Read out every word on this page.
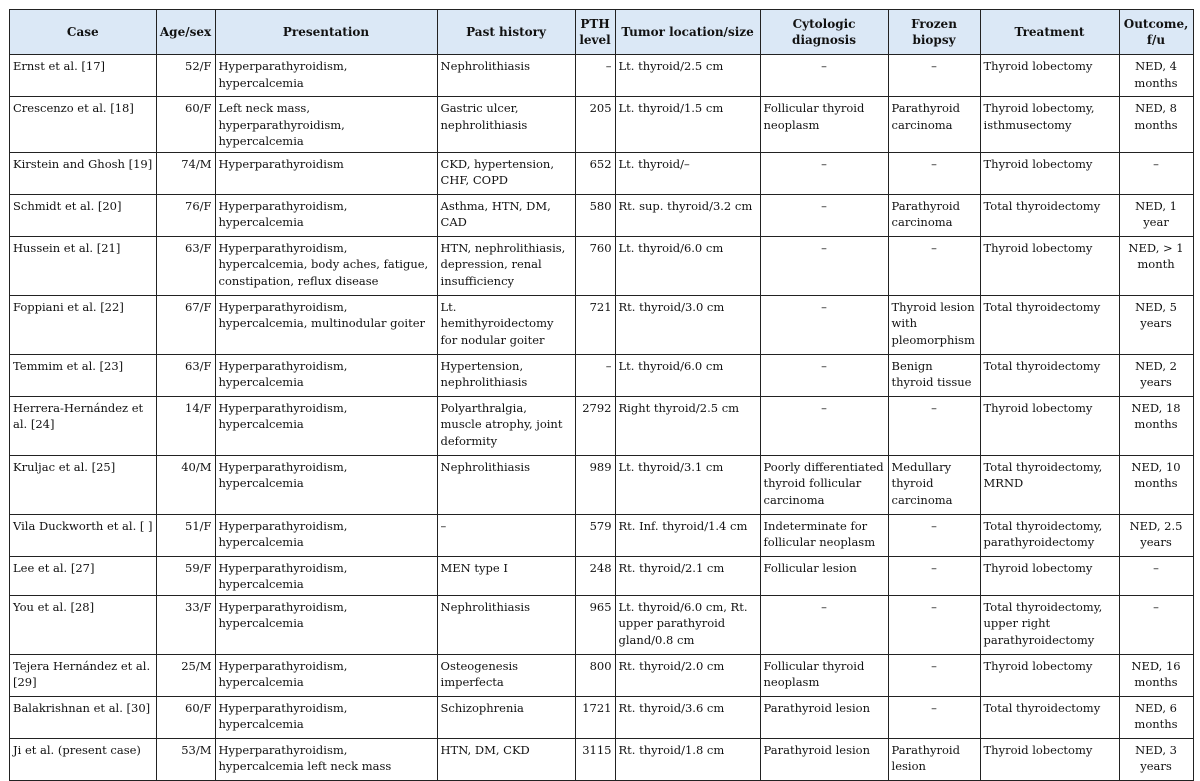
Case	Age/sex	Presentation	Past history	PTH level	Tumor location/size	Cytologic diagnosis	Frozen biopsy	Treatment	Outcome, f/u
Ernst et al. [17]	52/F	Hyperparathyroidism, hypercalcemia	Nephrolithiasis	–	Lt. thyroid/2.5 cm	–	–	Thyroid lobectomy	NED, 4 months
Crescenzo et al. [18]	60/F	Left neck mass, hyperparathyroidism, hypercalcemia	Gastric ulcer, nephrolithiasis	205	Lt. thyroid/1.5 cm	Follicular thyroid neoplasm	Parathyroid carcinoma	Thyroid lobectomy, isthmusectomy	NED, 8 months
Kirstein and Ghosh [19]	74/M	Hyperparathyroidism	CKD, hypertension, CHF, COPD	652	Lt. thyroid/–	–	–	Thyroid lobectomy	–
Schmidt et al. [20]	76/F	Hyperparathyroidism, hypercalcemia	Asthma, HTN, DM, CAD	580	Rt. sup. thyroid/3.2 cm	–	Parathyroid carcinoma	Total thyroidectomy	NED, 1 year
Hussein et al. [21]	63/F	Hyperparathyroidism, hypercalcemia, body aches, fatigue, constipation, reflux disease	HTN, nephrolithiasis, depression, renal insufficiency	760	Lt. thyroid/6.0 cm	–	–	Thyroid lobectomy	NED, > 1 month
Foppiani et al. [22]	67/F	Hyperparathyroidism, hypercalcemia, multinodular goiter	Lt. hemithyroidectomy for nodular goiter	721	Rt. thyroid/3.0 cm	–	Thyroid lesion with pleomorphism	Total thyroidectomy	NED, 5 years
Temmim et al. [23]	63/F	Hyperparathyroidism, hypercalcemia	Hypertension, nephrolithiasis	–	Lt. thyroid/6.0 cm	–	Benign thyroid tissue	Total thyroidectomy	NED, 2 years
Herrera-Hernández et al. [24]	14/F	Hyperparathyroidism, hypercalcemia	Polyarthralgia, muscle atrophy, joint deformity	2792	Right thyroid/2.5 cm	–	–	Thyroid lobectomy	NED, 18 months
Kruljac et al. [25]	40/M	Hyperparathyroidism, hypercalcemia	Nephrolithiasis	989	Lt. thyroid/3.1 cm	Poorly differentiated thyroid follicular carcinoma	Medullary thyroid carcinoma	Total thyroidectomy, MRND	NED, 10 months
Vila Duckworth et al. [ ]	51/F	Hyperparathyroidism, hypercalcemia	–	579	Rt. Inf. thyroid/1.4 cm	Indeterminate for follicular neoplasm	–	Total thyroidectomy, parathyroidectomy	NED, 2.5 years
Lee et al. [27]	59/F	Hyperparathyroidism, hypercalcemia	MEN type I	248	Rt. thyroid/2.1 cm	Follicular lesion	–	Thyroid lobectomy	–
You et al. [28]	33/F	Hyperparathyroidism, hypercalcemia	Nephrolithiasis	965	Lt. thyroid/6.0 cm, Rt. upper parathyroid gland/0.8 cm	–	–	Total thyroidectomy, upper right parathyroidectomy	–
Tejera Hernández et al. [29]	25/M	Hyperparathyroidism, hypercalcemia	Osteogenesis imperfecta	800	Rt. thyroid/2.0 cm	Follicular thyroid neoplasm	–	Thyroid lobectomy	NED, 16 months
Balakrishnan et al. [30]	60/F	Hyperparathyroidism, hypercalcemia	Schizophrenia	1721	Rt. thyroid/3.6 cm	Parathyroid lesion	–	Total thyroidectomy	NED, 6 months
Ji et al. (present case)	53/M	Hyperparathyroidism, hypercalcemia left neck mass	HTN, DM, CKD	3115	Rt. thyroid/1.8 cm	Parathyroid lesion	Parathyroid lesion	Thyroid lobectomy	NED, 3 years
